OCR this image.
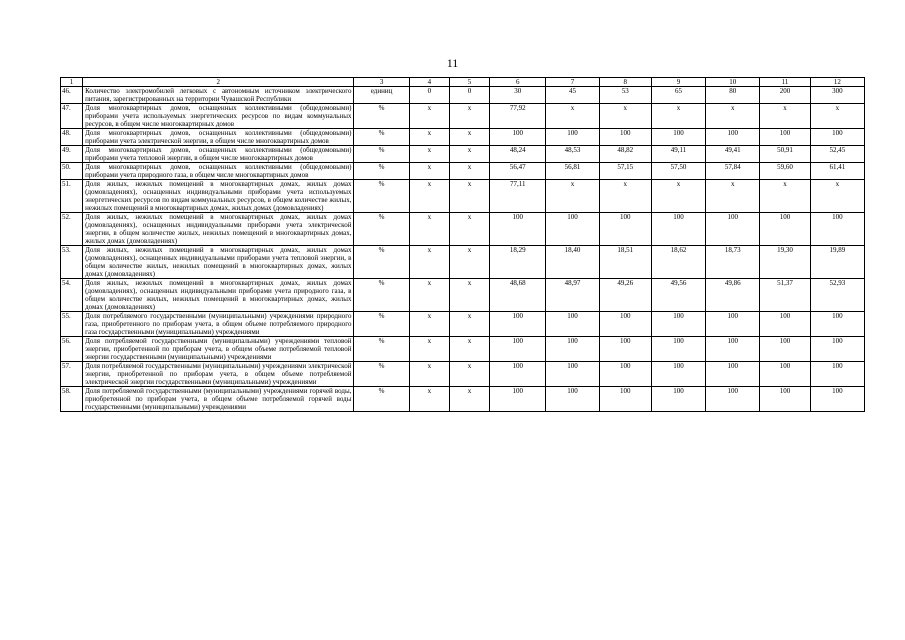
11
1	2	3	4	5	6	7	8	9	10	11	12
46.	Количество электромобилей легковых с автономным источником электрического питания, зарегистрированных на территории Чувашской Республики	единиц	0	0	30	45	53	65	80	200	300
47.	Доля многоквартирных домов, оснащенных коллективными (общедомовыми) приборами учета используемых энергетических ресурсов по видам коммунальных ресурсов, в общем числе многоквартирных домов	%	x	x	77,92	x	x	x	x	x	x
48.	Доля многоквартирных домов, оснащенных коллективными (общедомовыми) приборами учета электрической энергии, в общем числе многоквартирных домов	%	x	x	100	100	100	100	100	100	100
49.	Доля многоквартирных домов, оснащенных коллективными (общедомовыми) приборами учета тепловой энергии, в общем числе многоквартирных домов	%	x	x	48,24	48,53	48,82	49,11	49,41	50,91	52,45
50.	Доля многоквартирных домов, оснащенных коллективными (общедомовыми) приборами учета природного газа, в общем числе многоквартирных домов	%	x	x	56,47	56,81	57,15	57,50	57,84	59,60	61,41
51.	Доля жилых, нежилых помещений в многоквартирных домах, жилых домах (домовладениях), оснащенных индивидуальными приборами учета используемых энергетических ресурсов по видам коммунальных ресурсов, в общем количестве жилых, нежилых помещений в многоквартирных домах, жилых домах (домовладениях)	%	x	x	77,11	x	x	x	x	x	x
52.	Доля жилых, нежилых помещений в многоквартирных домах, жилых домах (домовладениях), оснащенных индивидуальными приборами учета электрической энергии, в общем количестве жилых, нежилых помещений в многоквартирных домах, жилых домах (домовладениях)	%	x	x	100	100	100	100	100	100	100
53.	Доля жилых, нежилых помещений в многоквартирных домах, жилых домах (домовладениях), оснащенных индивидуальными приборами учета тепловой энергии, в общем количестве жилых, нежилых помещений в многоквартирных домах, жилых домах (домовладениях)	%	x	x	18,29	18,40	18,51	18,62	18,73	19,30	19,89
54.	Доля жилых, нежилых помещений в многоквартирных домах, жилых домах (домовладениях), оснащенных индивидуальными приборами учета природного газа, в общем количестве жилых, нежилых помещений в многоквартирных домах, жилых домах (домовладениях)	%	x	x	48,68	48,97	49,26	49,56	49,86	51,37	52,93
55.	Доля потребляемого государственными (муниципальными) учреждениями природного газа, приобретенного по приборам учета, в общем объеме потребляемого природного газа государственными (муниципальными) учреждениями	%	x	x	100	100	100	100	100	100	100
56.	Доля потребляемой государственными (муниципальными) учреждениями тепловой энергии, приобретенной по приборам учета, в общем объеме потребляемой тепловой энергии государственными (муниципальными) учреждениями	%	x	x	100	100	100	100	100	100	100
57.	Доля потребляемой государственными (муниципальными) учреждениями электрической энергии, приобретенной по приборам учета, в общем объеме потребляемой электрической энергии государственными (муниципальными) учреждениями	%	x	x	100	100	100	100	100	100	100
58.	Доля потребляемой государственными (муниципальными) учреждениями горячей воды, приобретенной по приборам учета, в общем объеме потребляемой горячей воды государственными (муниципальными) учреждениями	%	x	x	100	100	100	100	100	100	100
